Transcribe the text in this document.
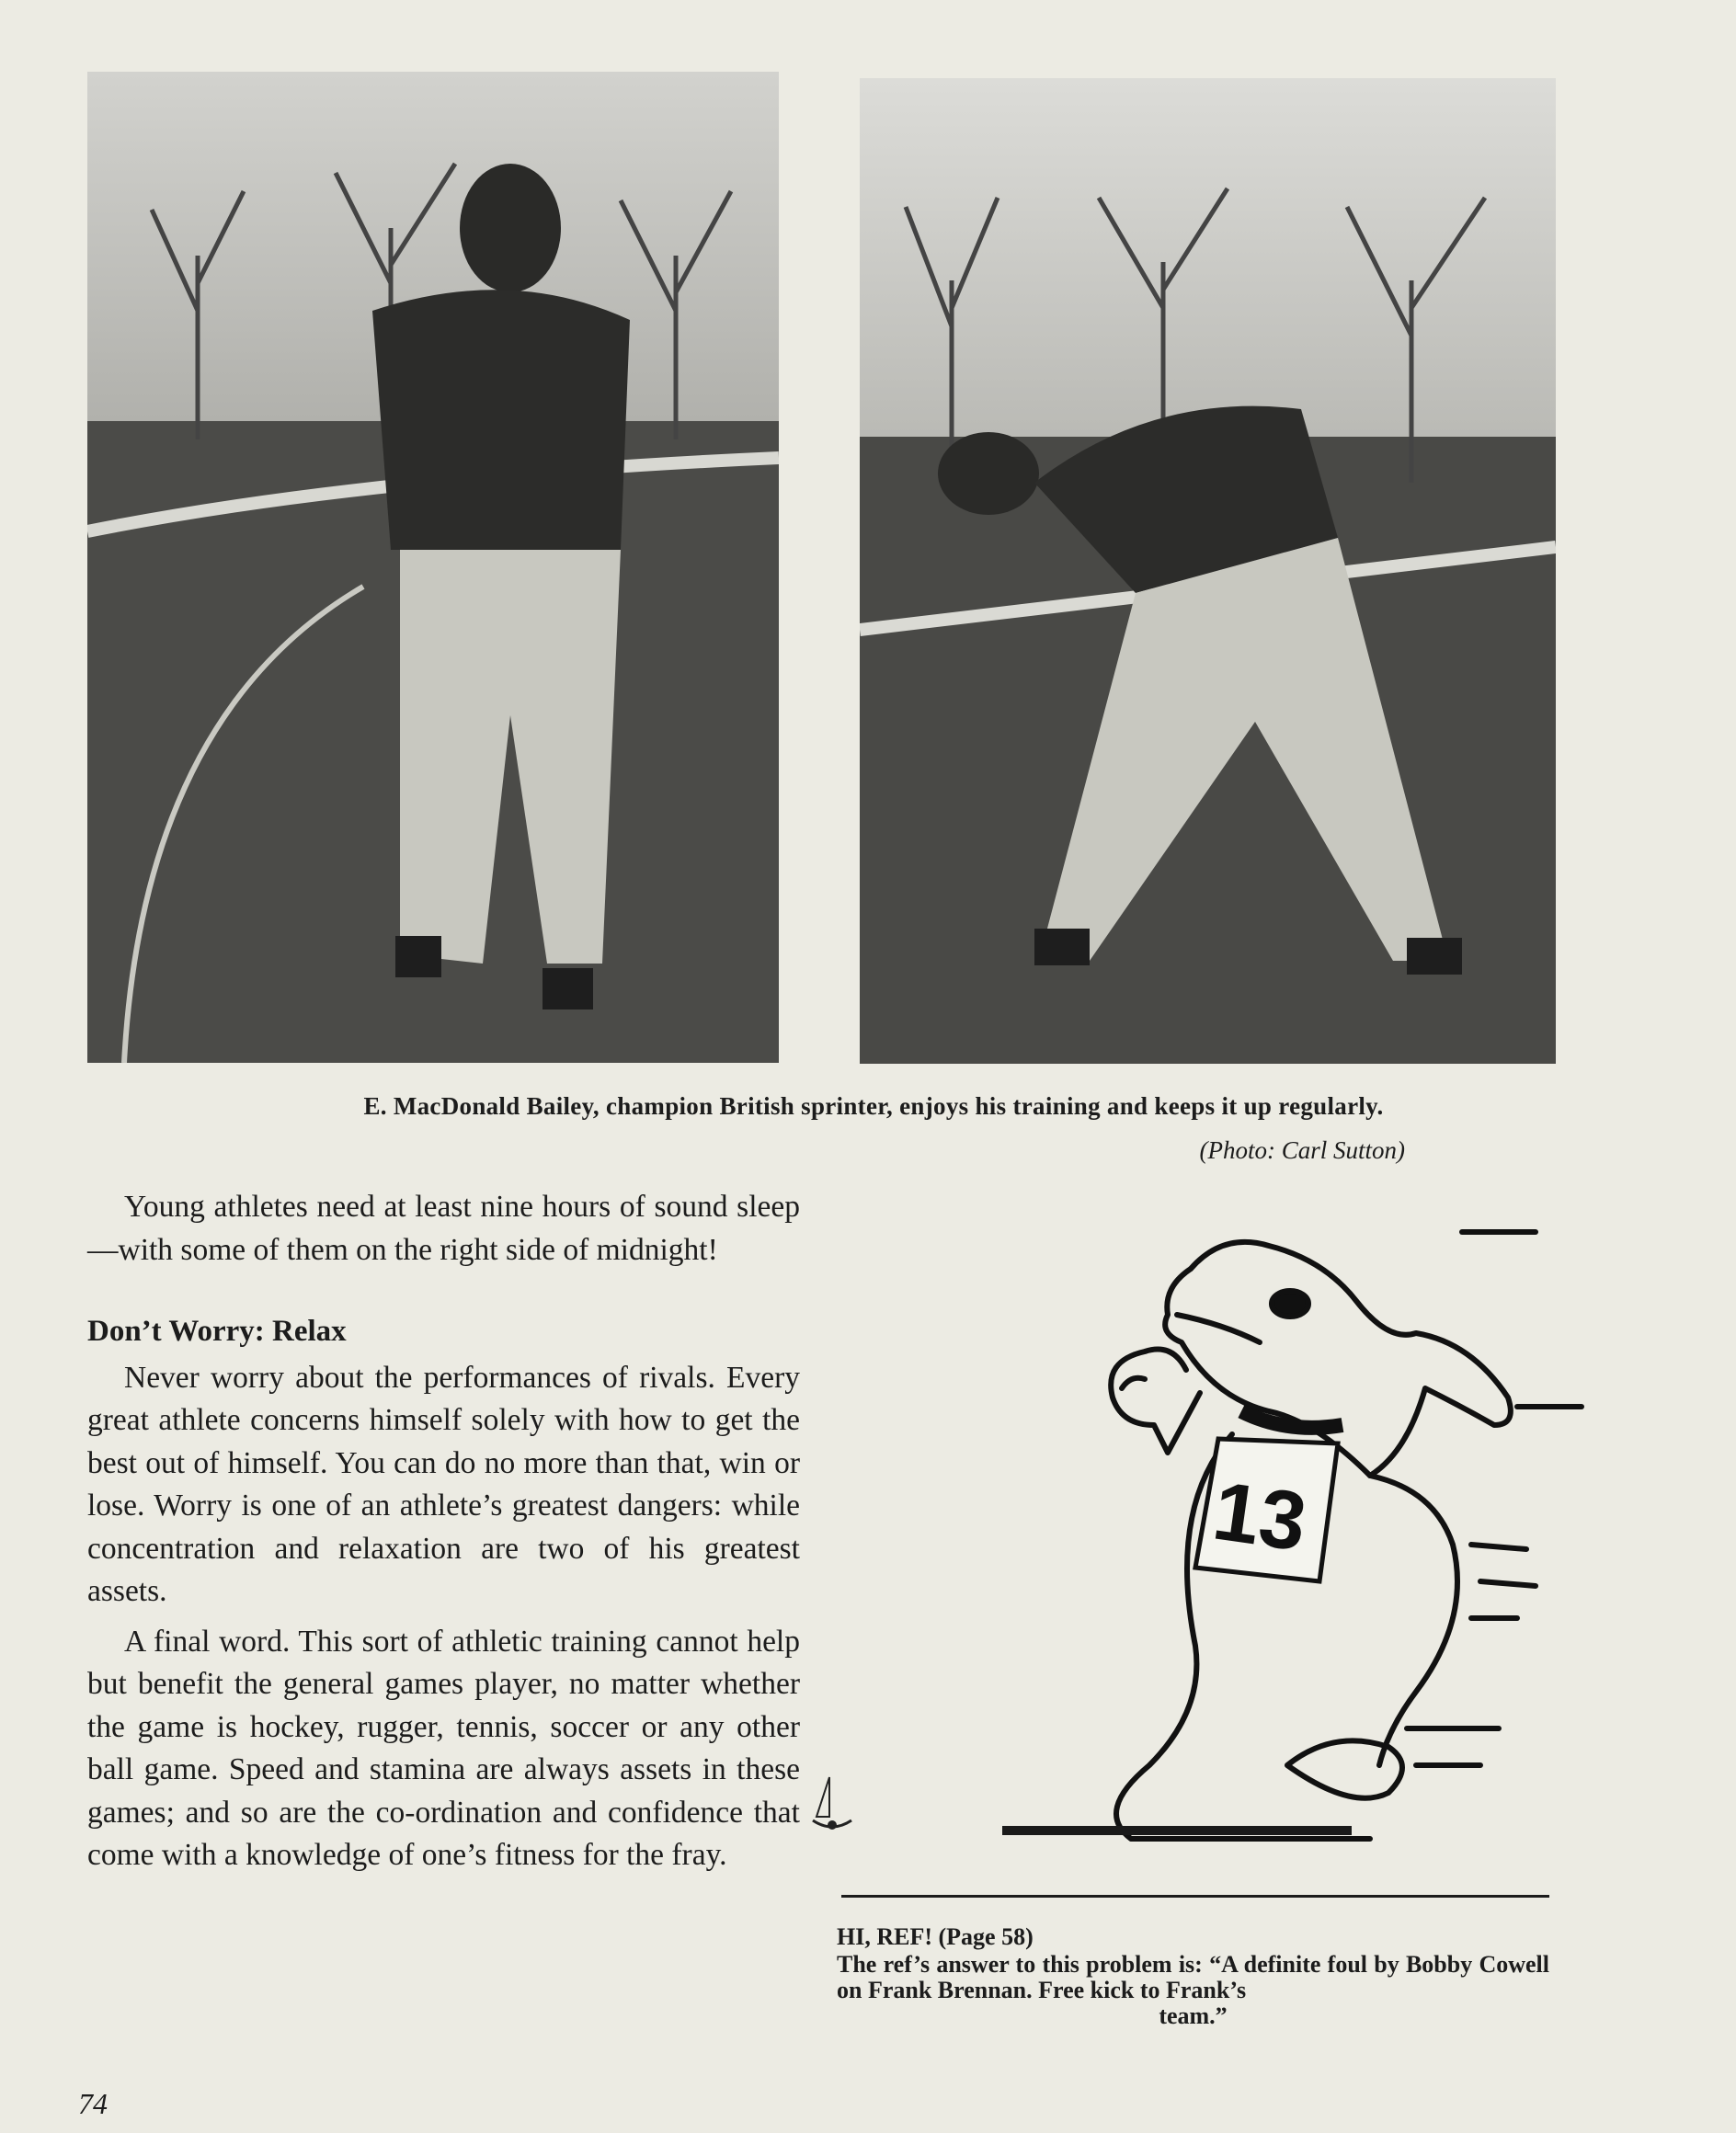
E. MacDonald Bailey, champion British sprinter, enjoys his training and keeps it up regularly.
(Photo: Carl Sutton)

Young athletes need at least nine hours of sound sleep—with some of them on the right side of midnight!

Don’t Worry: Relax

Never worry about the performances of rivals. Every great athlete concerns himself solely with how to get the best out of himself. You can do no more than that, win or lose. Worry is one of an athlete’s greatest dangers: while concentration and relaxation are two of his greatest assets.

A final word. This sort of athletic training cannot help but benefit the general games player, no matter whether the game is hockey, rugger, tennis, soccer or any other ball game. Speed and stamina are always assets in these games; and so are the co-ordination and confidence that come with a knowledge of one’s fitness for the fray.

13
HI, REF! (Page 58)
The ref’s answer to this problem is: “A definite foul by Bobby Cowell on Frank Brennan. Free kick to Frank’s
team.”
74
